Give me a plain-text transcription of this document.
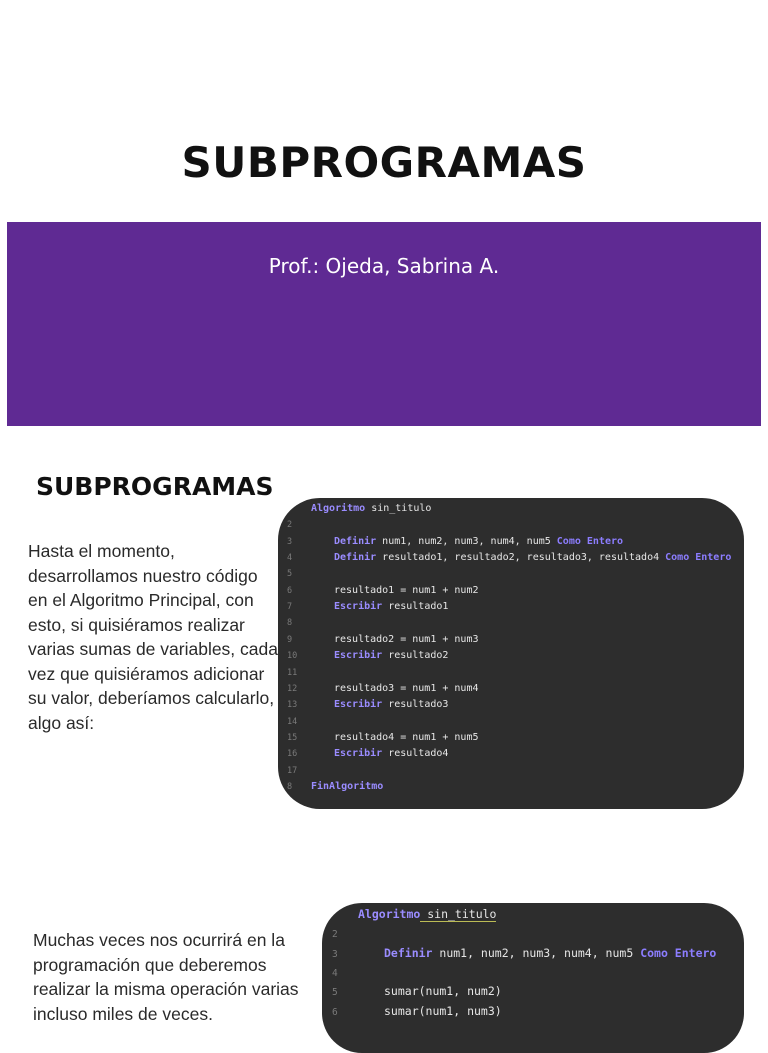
SUBPROGRAMAS
Prof.: Ojeda, Sabrina A.
SUBPROGRAMAS
Hasta el momento, desarrollamos nuestro código en el Algoritmo Principal, con esto, si quisiéramos realizar varias sumas de variables, cada vez que quisiéramos adicionar su valor, deberíamos calcularlo, algo así:
Algoritmo sin_titulo
2
3	Definir num1, num2, num3, num4, num5 Como Entero
4	Definir resultado1, resultado2, resultado3, resultado4 Como Entero
5
6	resultado1 = num1 + num2
7	Escribir resultado1
8
9	resultado2 = num1 + num3
10	Escribir resultado2
11
12	resultado3 = num1 + num4
13	Escribir resultado3
14
15	resultado4 = num1 + num5
16	Escribir resultado4
17
8 FinAlgoritmo
Muchas veces nos ocurrirá en la programación que deberemos realizar la misma operación varias incluso miles de veces.
Algoritmo sin_titulo
2
3	Definir num1, num2, num3, num4, num5 Como Entero
4
5	sumar(num1, num2)
6	sumar(num1, num3)
